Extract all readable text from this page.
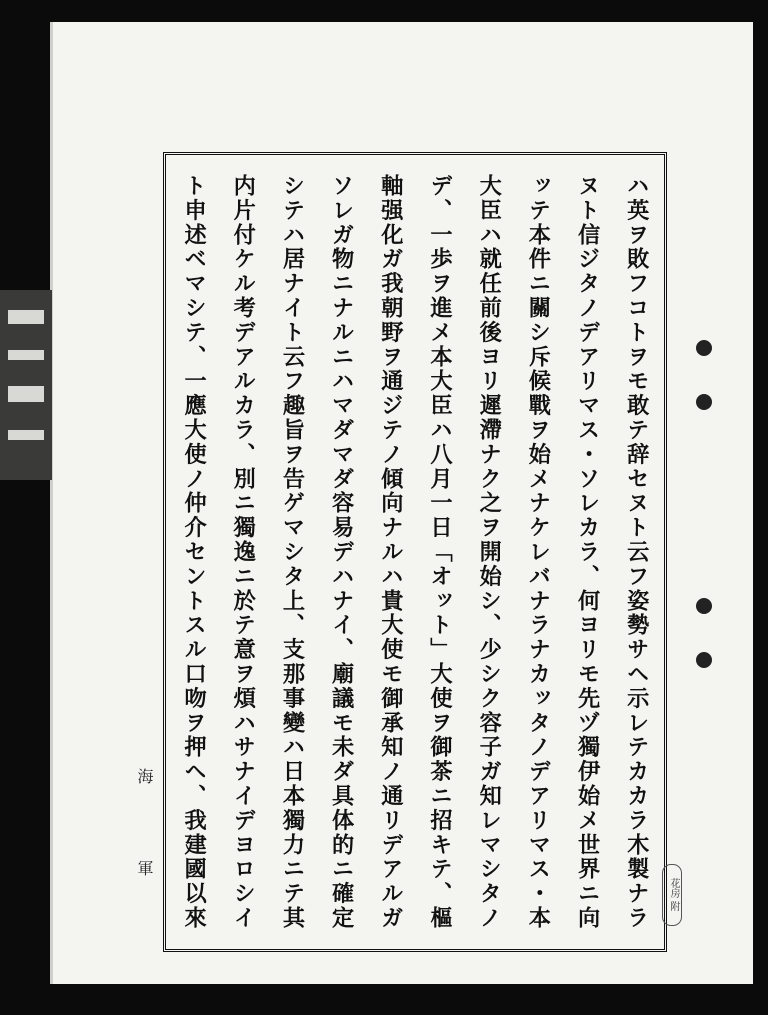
ハ英ヲ敗フコトヲモ敢テ辞セヌト云フ姿勢サヘ示レテカカラ木製ナラ
ヌト信ジタノデアリマス・ソレカラ、何ヨリモ先ヅ獨伊始メ世界ニ向
ッテ本件ニ關シ斥候戰ヲ始メナケレバナラナカッタノデアリマス・本
大臣ハ就任前後ヨリ遲滯ナク之ヲ開始シ、少シク容子ガ知レマシタノ
デ、一歩ヲ進メ本大臣ハ八月一日「オット」大使ヲ御茶ニ招キテ、樞
軸强化ガ我朝野ヲ通ジテノ傾向ナルハ貴大使モ御承知ノ通リデアルガ
ソレガ物ニナルニハマダマダ容易デハナイ、廟議モ未ダ具体的ニ確定
シテハ居ナイト云フ趣旨ヲ告ゲマシタ上、支那事變ハ日本獨力ニテ其
内片付ケル考デアルカラ、別ニ獨逸ニ於テ意ヲ煩ハサナイデヨロシイ
ト申述ベマシテ、一應大使ノ仲介セントスル口吻ヲ押ヘ、我建國以來
海
軍
花房 附
